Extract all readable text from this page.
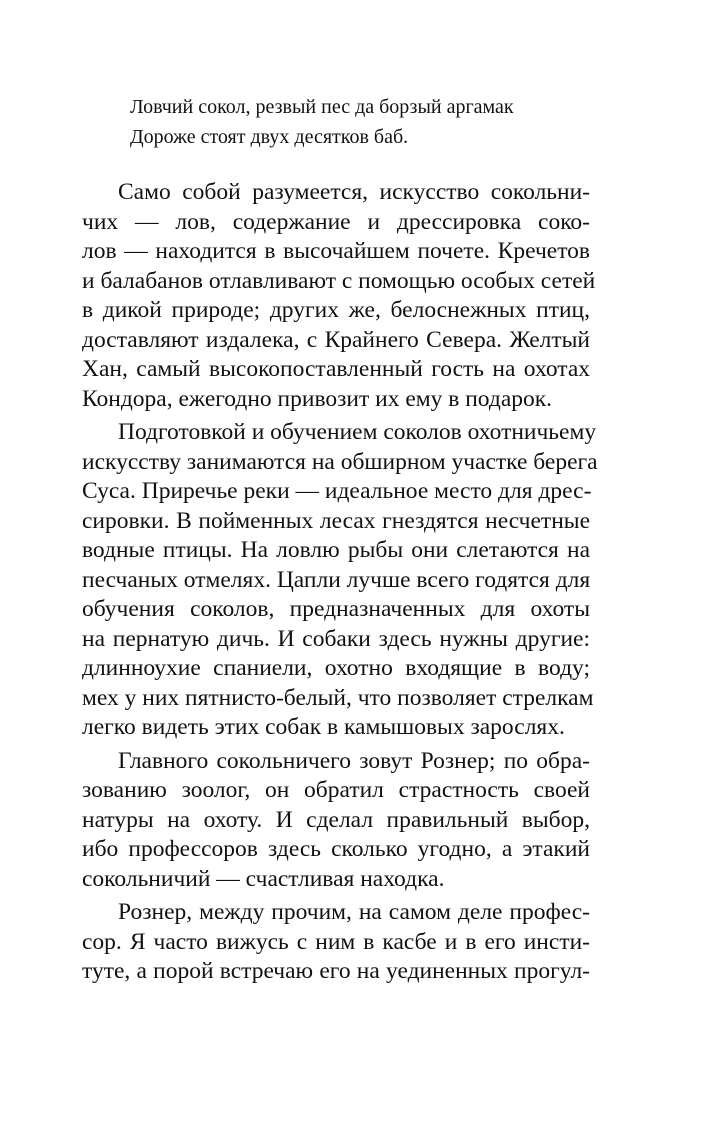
Ловчий сокол, резвый пес да борзый аргамак
Дороже стоят двух десятков баб.
Само собой разумеется, искусство сокольни-
чих — лов, содержание и дрессировка соко-
лов — находится в высочайшем почете. Кречетов
и балабанов отлавливают с помощью особых сетей
в дикой природе; других же, белоснежных птиц,
доставляют издалека, с Крайнего Севера. Желтый
Хан, самый высокопоставленный гость на охотах
Кондора, ежегодно привозит их ему в подарок.
Подготовкой и обучением соколов охотничьему
искусству занимаются на обширном участке берега
Суса. Приречье реки — идеальное место для дрес-
сировки. В пойменных лесах гнездятся несчетные
водные птицы. На ловлю рыбы они слетаются на
песчаных отмелях. Цапли лучше всего годятся для
обучения соколов, предназначенных для охоты
на пернатую дичь. И собаки здесь нужны другие:
длинноухие спаниели, охотно входящие в воду;
мех у них пятнисто-белый, что позволяет стрелкам
легко видеть этих собак в камышовых зарослях.
Главного сокольничего зовут Рознер; по обра-
зованию зоолог, он обратил страстность своей
натуры на охоту. И сделал правильный выбор,
ибо профессоров здесь сколько угодно, а этакий
сокольничий — счастливая находка.
Рознер, между прочим, на самом деле профес-
сор. Я часто вижусь с ним в касбе и в его инсти-
туте, а порой встречаю его на уединенных прогул-
